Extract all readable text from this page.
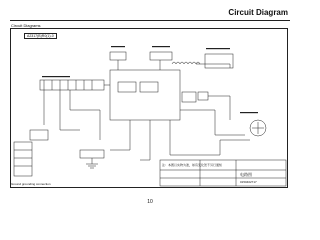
Circuit Diagram
Circuit Diagrams
A2317(B)R0(1)-0
注：本图以实物为准，如有变化恕不另行通知
电路图
0150402717
Ground grounding connection
10
